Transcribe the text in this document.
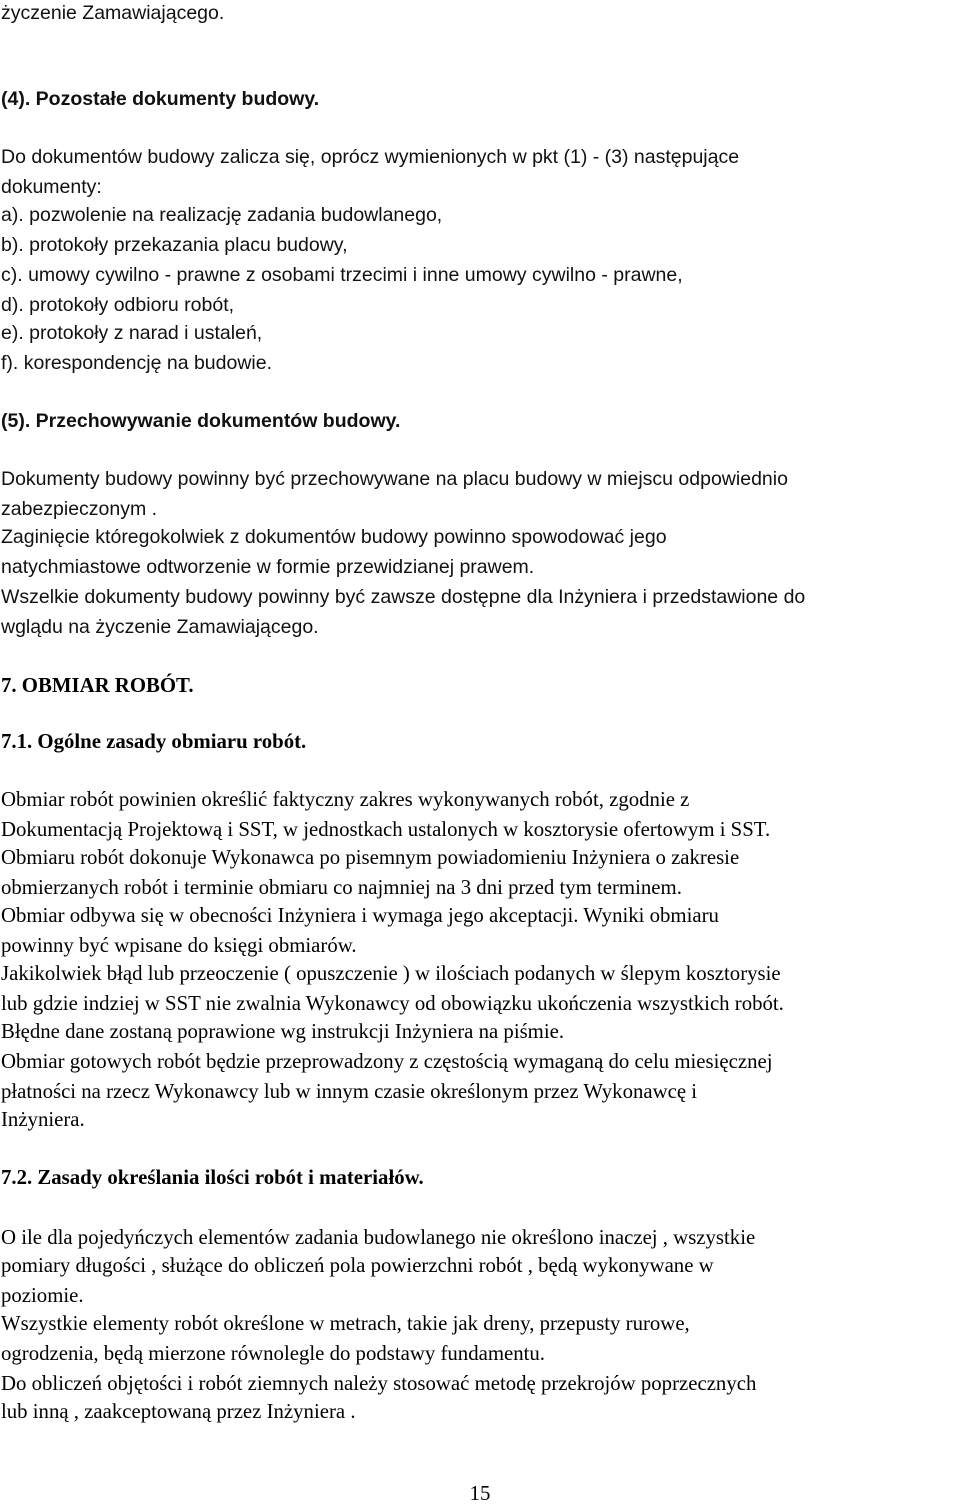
życzenie Zamawiającego.
(4). Pozostałe dokumenty budowy.
Do dokumentów budowy zalicza się, oprócz wymienionych w pkt (1) - (3) następujące
dokumenty:
a). pozwolenie na realizację zadania budowlanego,
b). protokoły przekazania placu budowy,
c). umowy cywilno - prawne z osobami trzecimi i inne umowy cywilno - prawne,
d). protokoły odbioru robót,
e). protokoły z narad i ustaleń,
f). korespondencję na budowie.
(5). Przechowywanie dokumentów budowy.
Dokumenty budowy powinny być przechowywane na placu budowy w miejscu odpowiednio
zabezpieczonym .
Zaginięcie któregokolwiek z dokumentów budowy powinno spowodować jego
natychmiastowe odtworzenie w formie przewidzianej prawem.
Wszelkie dokumenty budowy powinny być zawsze dostępne dla Inżyniera i przedstawione do
wglądu na życzenie Zamawiającego.
7. OBMIAR ROBÓT.
7.1. Ogólne zasady obmiaru robót.
Obmiar robót powinien określić faktyczny zakres wykonywanych robót, zgodnie z
Dokumentacją Projektową i SST, w jednostkach ustalonych w kosztorysie ofertowym i SST.
Obmiaru robót dokonuje Wykonawca po pisemnym powiadomieniu Inżyniera o zakresie
obmierzanych robót i terminie obmiaru co najmniej na 3 dni przed tym terminem.
Obmiar odbywa się w obecności Inżyniera i wymaga jego akceptacji. Wyniki obmiaru
powinny być wpisane do księgi obmiarów.
Jakikolwiek błąd lub przeoczenie ( opuszczenie ) w ilościach podanych w ślepym kosztorysie
lub gdzie indziej w SST nie zwalnia Wykonawcy od obowiązku ukończenia wszystkich robót.
Błędne dane zostaną poprawione wg instrukcji Inżyniera na piśmie.
Obmiar gotowych robót będzie przeprowadzony z częstością wymaganą do celu miesięcznej
płatności na rzecz Wykonawcy lub w innym czasie określonym przez Wykonawcę i
Inżyniera.
7.2. Zasady określania ilości robót i materiałów.
O ile dla pojedyńczych elementów zadania budowlanego nie określono inaczej , wszystkie
pomiary długości , służące do obliczeń pola powierzchni robót , będą wykonywane w
poziomie.
Wszystkie elementy robót określone w metrach, takie jak dreny, przepusty rurowe,
ogrodzenia, będą mierzone równolegle do podstawy fundamentu.
Do obliczeń objętości i robót ziemnych należy stosować metodę przekrojów poprzecznych
lub inną , zaakceptowaną przez Inżyniera .
15
